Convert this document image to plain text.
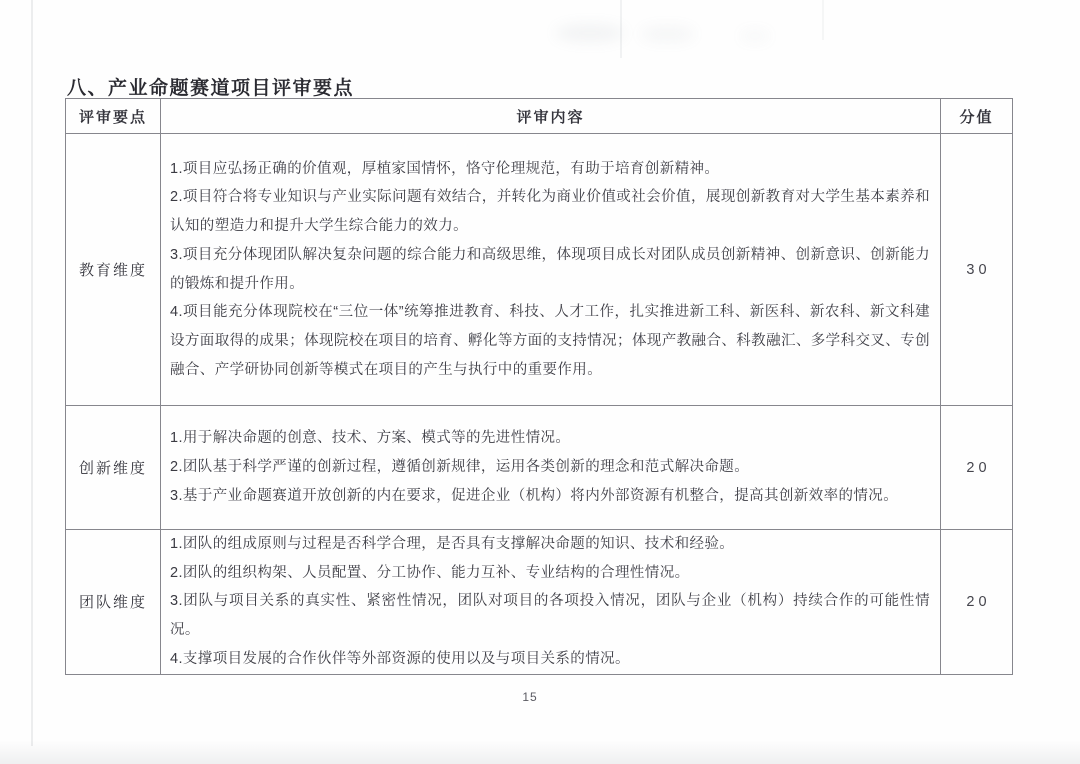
八、产业命题赛道项目评审要点
评审要点	评审内容	分值
教育维度	1.项目应弘扬正确的价值观，厚植家国情怀，恪守伦理规范，有助于培育创新精神。
2.项目符合将专业知识与产业实际问题有效结合，并转化为商业价值或社会价值，展现创新教育对大学生基本素养和认知的塑造力和提升大学生综合能力的效力。
3.项目充分体现团队解决复杂问题的综合能力和高级思维，体现项目成长对团队成员创新精神、创新意识、创新能力的锻炼和提升作用。
4.项目能充分体现院校在“三位一体”统筹推进教育、科技、人才工作，扎实推进新工科、新医科、新农科、新文科建设方面取得的成果；体现院校在项目的培育、孵化等方面的支持情况；体现产教融合、科教融汇、多学科交叉、专创融合、产学研协同创新等模式在项目的产生与执行中的重要作用。	30
创新维度	1.用于解决命题的创意、技术、方案、模式等的先进性情况。
2.团队基于科学严谨的创新过程，遵循创新规律，运用各类创新的理念和范式解决命题。
3.基于产业命题赛道开放创新的内在要求，促进企业（机构）将内外部资源有机整合，提高其创新效率的情况。	20
团队维度	1.团队的组成原则与过程是否科学合理，是否具有支撑解决命题的知识、技术和经验。
2.团队的组织构架、人员配置、分工协作、能力互补、专业结构的合理性情况。
3.团队与项目关系的真实性、紧密性情况，团队对项目的各项投入情况，团队与企业（机构）持续合作的可能性情况。
4.支撑项目发展的合作伙伴等外部资源的使用以及与项目关系的情况。	20
15
